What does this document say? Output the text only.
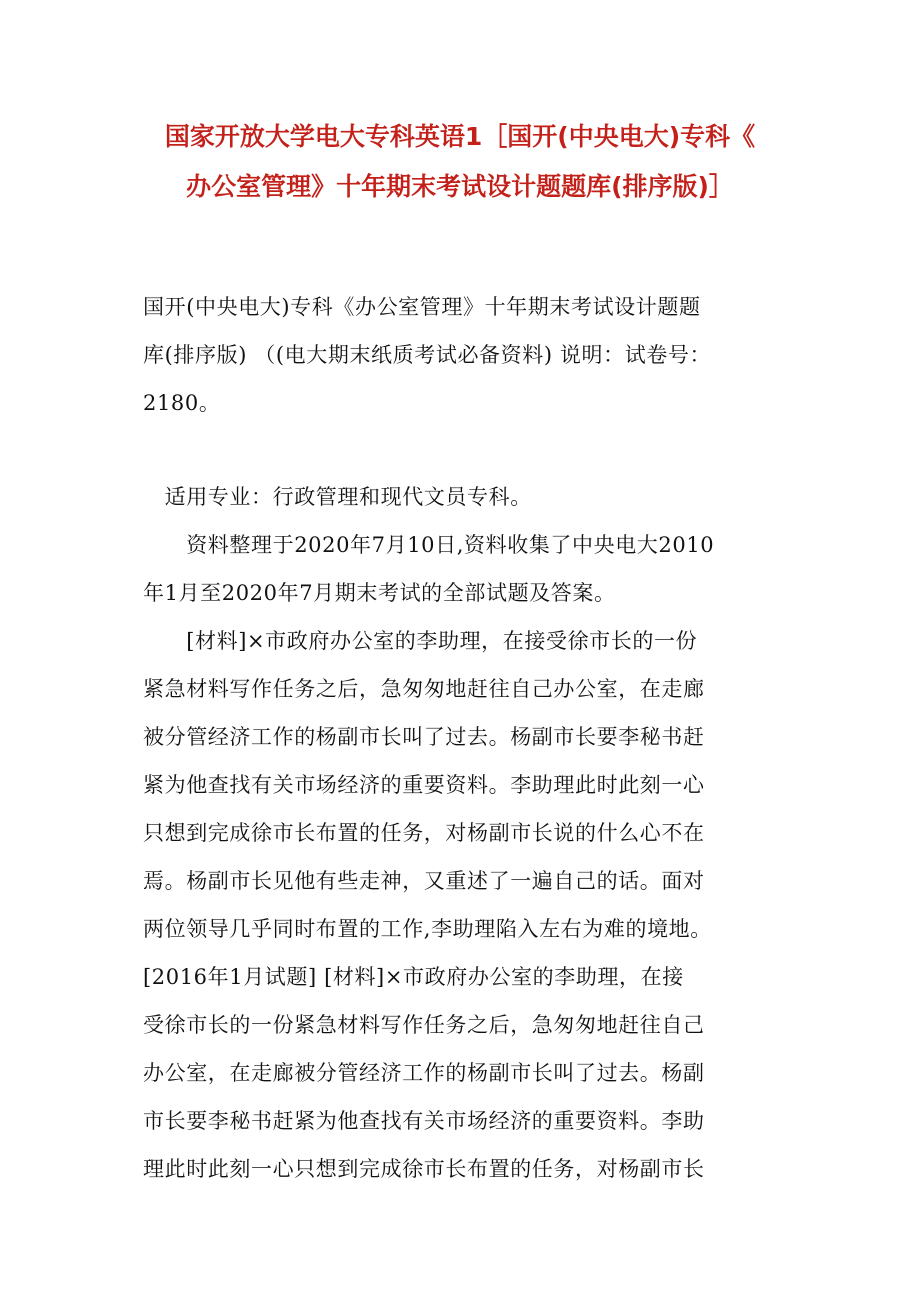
国家开放大学电大专科英语1［国开(中央电大)专科《
办公室管理》十年期末考试设计题题库(排序版)］

国开(中央电大)专科《办公室管理》十年期末考试设计题题
库(排序版) （(电大期末纸质考试必备资料) 说明：试卷号：
2180。

　适用专业：行政管理和现代文员专科。

　　资料整理于2020年7月10日,资料收集了中央电大2010
年1月至2020年7月期末考试的全部试题及答案。

　　[材料]×市政府办公室的李助理，在接受徐市长的一份
紧急材料写作任务之后，急匆匆地赶往自己办公室，在走廊
被分管经济工作的杨副市长叫了过去。杨副市长要李秘书赶
紧为他查找有关市场经济的重要资料。李助理此时此刻一心
只想到完成徐市长布置的任务，对杨副市长说的什么心不在
焉。杨副市长见他有些走神，又重述了一遍自己的话。面对
两位领导几乎同时布置的工作,李助理陷入左右为难的境地。
[2016年1月试题] [材料]×市政府办公室的李助理，在接
受徐市长的一份紧急材料写作任务之后，急匆匆地赶往自己
办公室，在走廊被分管经济工作的杨副市长叫了过去。杨副
市长要李秘书赶紧为他查找有关市场经济的重要资料。李助
理此时此刻一心只想到完成徐市长布置的任务，对杨副市长
